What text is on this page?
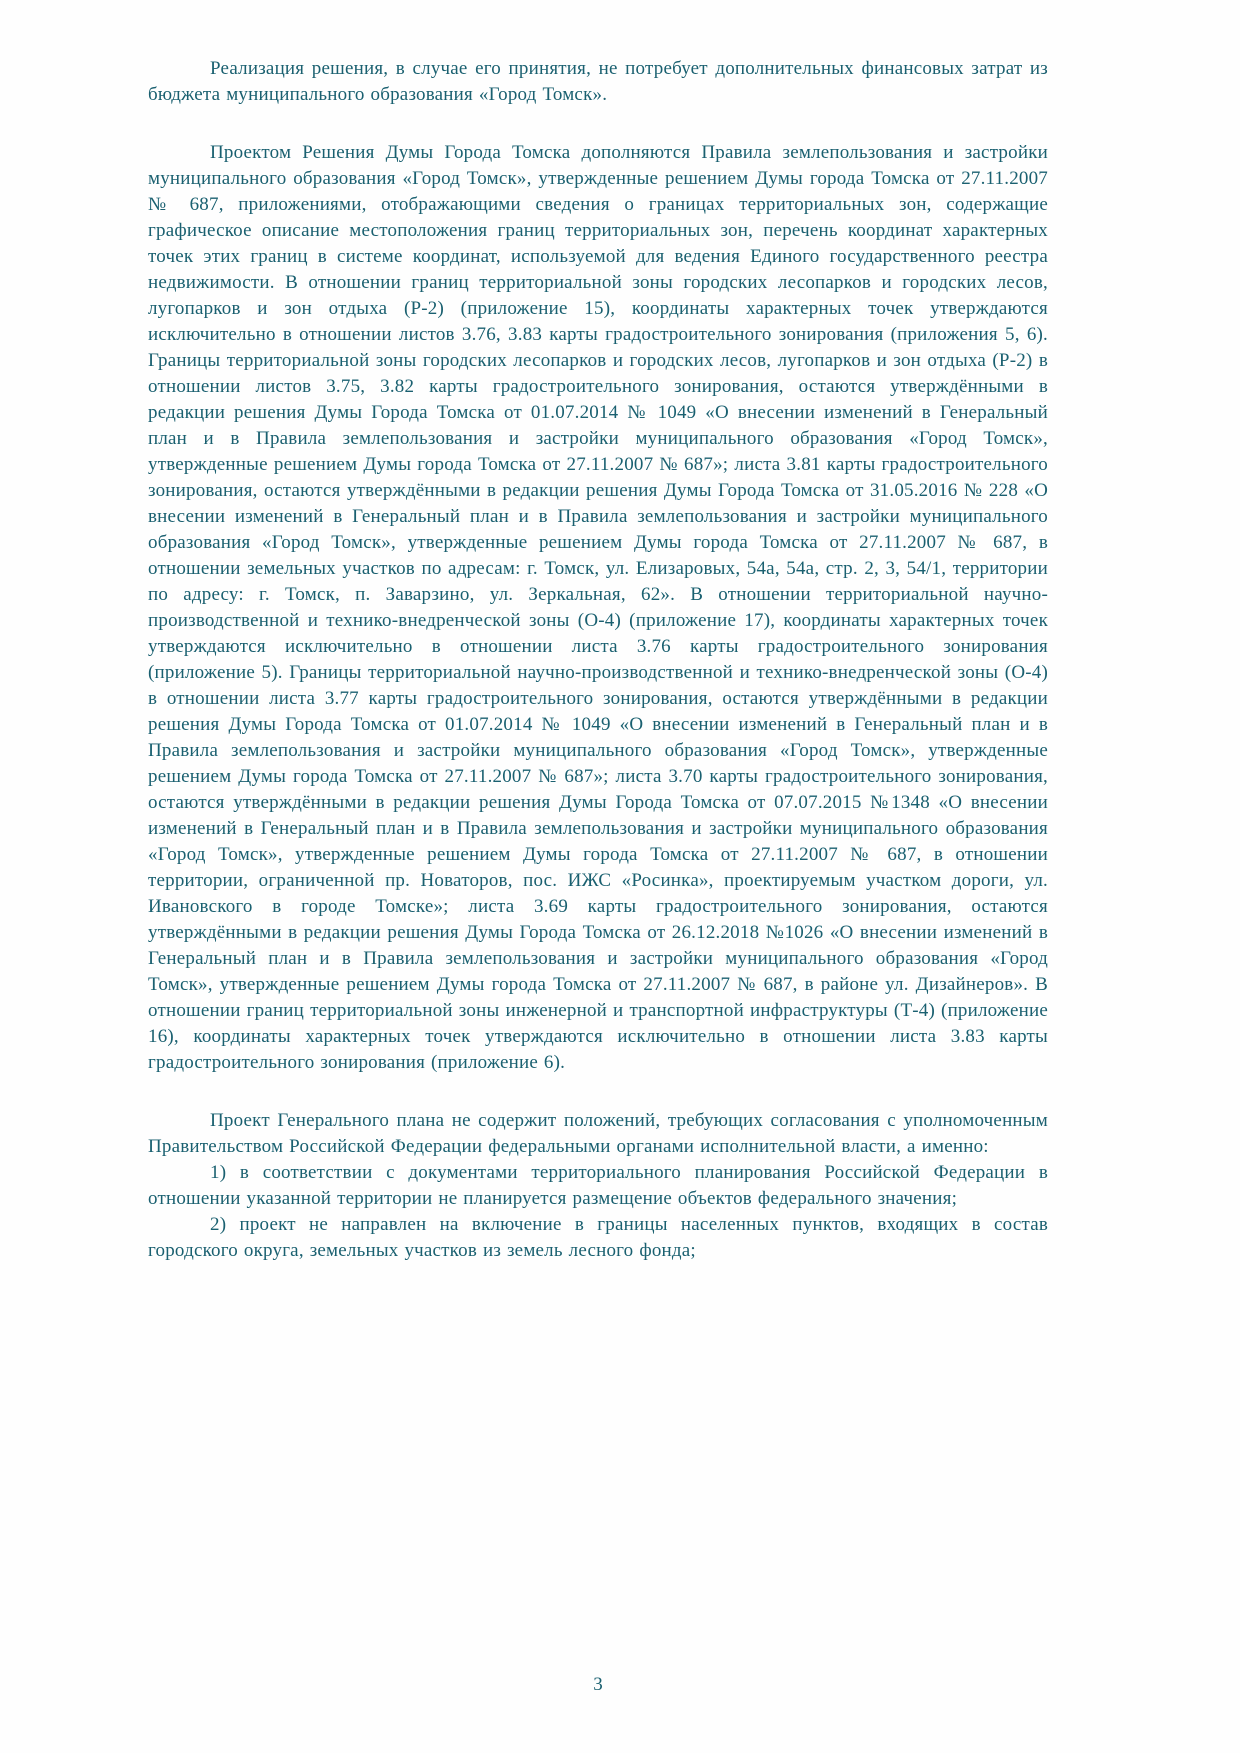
Реализация решения, в случае его принятия, не потребует дополнительных финансовых затрат из бюджета муниципального образования «Город Томск».

Проектом Решения Думы Города Томска дополняются Правила землепользования и застройки муниципального образования «Город Томск», утвержденные решением Думы города Томска от 27.11.2007 № 687, приложениями, отображающими сведения о границах территориальных зон, содержащие графическое описание местоположения границ территориальных зон, перечень координат характерных точек этих границ в системе координат, используемой для ведения Единого государственного реестра недвижимости. В отношении границ территориальной зоны городских лесопарков и городских лесов, лугопарков и зон отдыха (Р-2) (приложение 15), координаты характерных точек утверждаются исключительно в отношении листов 3.76, 3.83 карты градостроительного зонирования (приложения 5, 6). Границы территориальной зоны городских лесопарков и городских лесов, лугопарков и зон отдыха (Р-2) в отношении листов 3.75, 3.82 карты градостроительного зонирования, остаются утверждёнными в редакции решения Думы Города Томска от 01.07.2014 № 1049 «О внесении изменений в Генеральный план и в Правила землепользования и застройки муниципального образования «Город Томск», утвержденные решением Думы города Томска от 27.11.2007 № 687»; листа 3.81 карты градостроительного зонирования, остаются утверждёнными в редакции решения Думы Города Томска от 31.05.2016 № 228 «О внесении изменений в Генеральный план и в Правила землепользования и застройки муниципального образования «Город Томск», утвержденные решением Думы города Томска от 27.11.2007 № 687, в отношении земельных участков по адресам: г. Томск, ул. Елизаровых, 54а, 54а, стр. 2, 3, 54/1, территории по адресу: г. Томск, п. Заварзино, ул. Зеркальная, 62». В отношении территориальной научно-производственной и технико-внедренческой зоны (О-4) (приложение 17), координаты характерных точек утверждаются исключительно в отношении листа 3.76 карты градостроительного зонирования (приложение 5). Границы территориальной научно-производственной и технико-внедренческой зоны (О-4) в отношении листа 3.77 карты градостроительного зонирования, остаются утверждёнными в редакции решения Думы Города Томска от 01.07.2014 № 1049 «О внесении изменений в Генеральный план и в Правила землепользования и застройки муниципального образования «Город Томск», утвержденные решением Думы города Томска от 27.11.2007 № 687»; листа 3.70 карты градостроительного зонирования, остаются утверждёнными в редакции решения Думы Города Томска от 07.07.2015 №1348 «О внесении изменений в Генеральный план и в Правила землепользования и застройки муниципального образования «Город Томск», утвержденные решением Думы города Томска от 27.11.2007 № 687, в отношении территории, ограниченной пр. Новаторов, пос. ИЖС «Росинка», проектируемым участком дороги, ул. Ивановского в городе Томске»; листа 3.69 карты градостроительного зонирования, остаются утверждёнными в редакции решения Думы Города Томска от 26.12.2018 №1026 «О внесении изменений в Генеральный план и в Правила землепользования и застройки муниципального образования «Город Томск», утвержденные решением Думы города Томска от 27.11.2007 № 687, в районе ул. Дизайнеров». В отношении границ территориальной зоны инженерной и транспортной инфраструктуры (Т-4) (приложение 16), координаты характерных точек утверждаются исключительно в отношении листа 3.83 карты градостроительного зонирования (приложение 6).

Проект Генерального плана не содержит положений, требующих согласования с уполномоченным Правительством Российской Федерации федеральными органами исполнительной власти, а именно:

1) в соответствии с документами территориального планирования Российской Федерации в отношении указанной территории не планируется размещение объектов федерального значения;

2) проект не направлен на включение в границы населенных пунктов, входящих в состав городского округа, земельных участков из земель лесного фонда;

3
